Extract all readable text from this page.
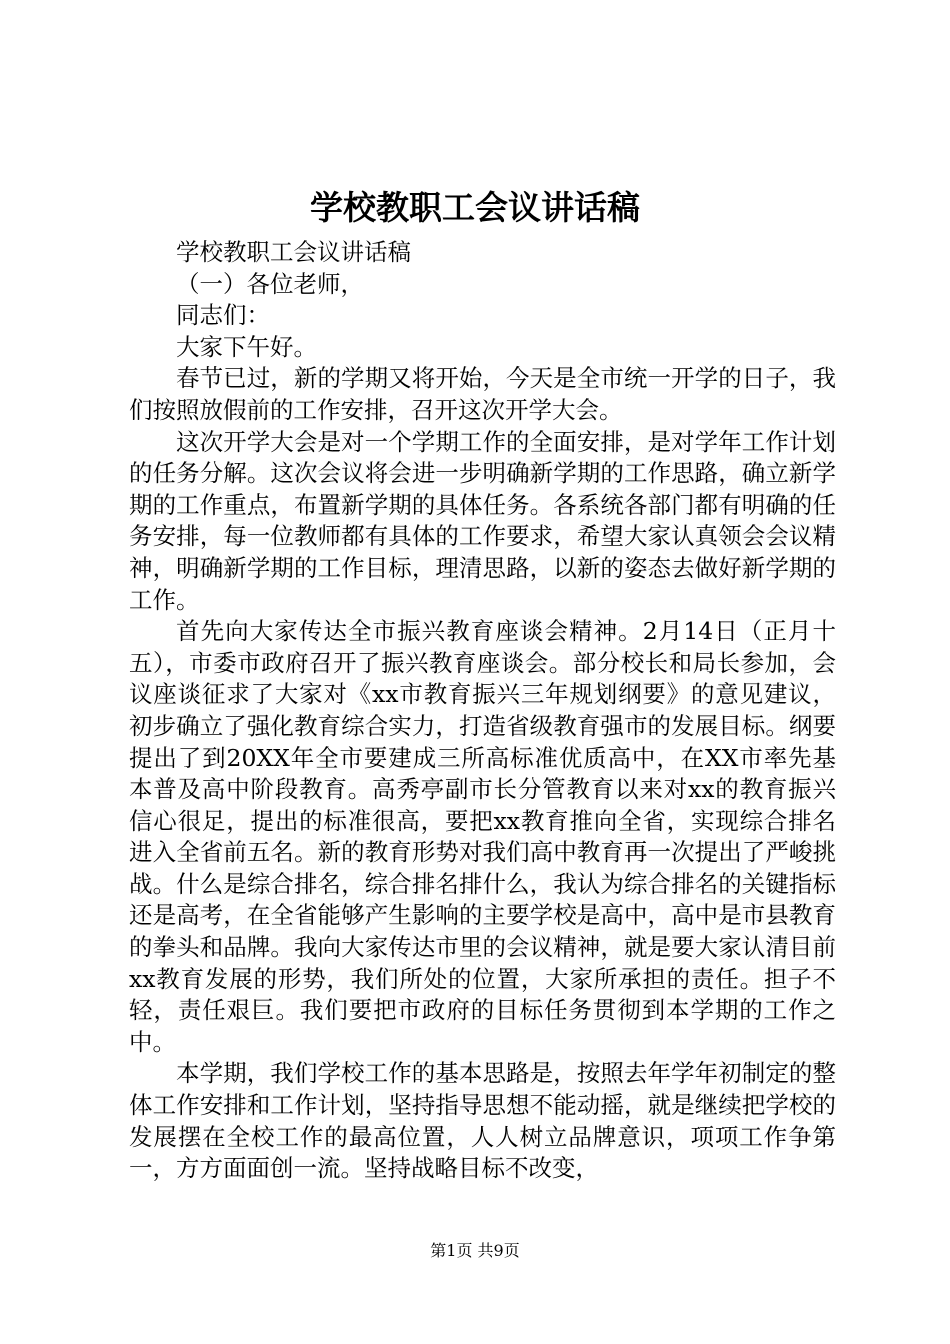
学校教职工会议讲话稿

学校教职工会议讲话稿

（一）各位老师，

同志们：

大家下午好。

春节已过，新的学期又将开始，今天是全市统一开学的日子，我们按照放假前的工作安排，召开这次开学大会。

这次开学大会是对一个学期工作的全面安排，是对学年工作计划的任务分解。这次会议将会进一步明确新学期的工作思路，确立新学期的工作重点，布置新学期的具体任务。各系统各部门都有明确的任务安排，每一位教师都有具体的工作要求，希望大家认真领会会议精神，明确新学期的工作目标，理清思路，以新的姿态去做好新学期的工作。

首先向大家传达全市振兴教育座谈会精神。2月14日（正月十五），市委市政府召开了振兴教育座谈会。部分校长和局长参加，会议座谈征求了大家对《xx市教育振兴三年规划纲要》的意见建议，初步确立了强化教育综合实力，打造省级教育强市的发展目标。纲要提出了到20XX年全市要建成三所高标准优质高中，在XX市率先基本普及高中阶段教育。高秀亭副市长分管教育以来对xx的教育振兴信心很足，提出的标准很高，要把xx教育推向全省，实现综合排名进入全省前五名。新的教育形势对我们高中教育再一次提出了严峻挑战。什么是综合排名，综合排名排什么，我认为综合排名的关键指标还是高考，在全省能够产生影响的主要学校是高中，高中是市县教育的拳头和品牌。我向大家传达市里的会议精神，就是要大家认清目前xx教育发展的形势，我们所处的位置，大家所承担的责任。担子不轻，责任艰巨。我们要把市政府的目标任务贯彻到本学期的工作之中。

本学期，我们学校工作的基本思路是，按照去年学年初制定的整体工作安排和工作计划，坚持指导思想不能动摇，就是继续把学校的发展摆在全校工作的最高位置，人人树立品牌意识，项项工作争第一，方方面面创一流。坚持战略目标不改变，

第1页 共9页
